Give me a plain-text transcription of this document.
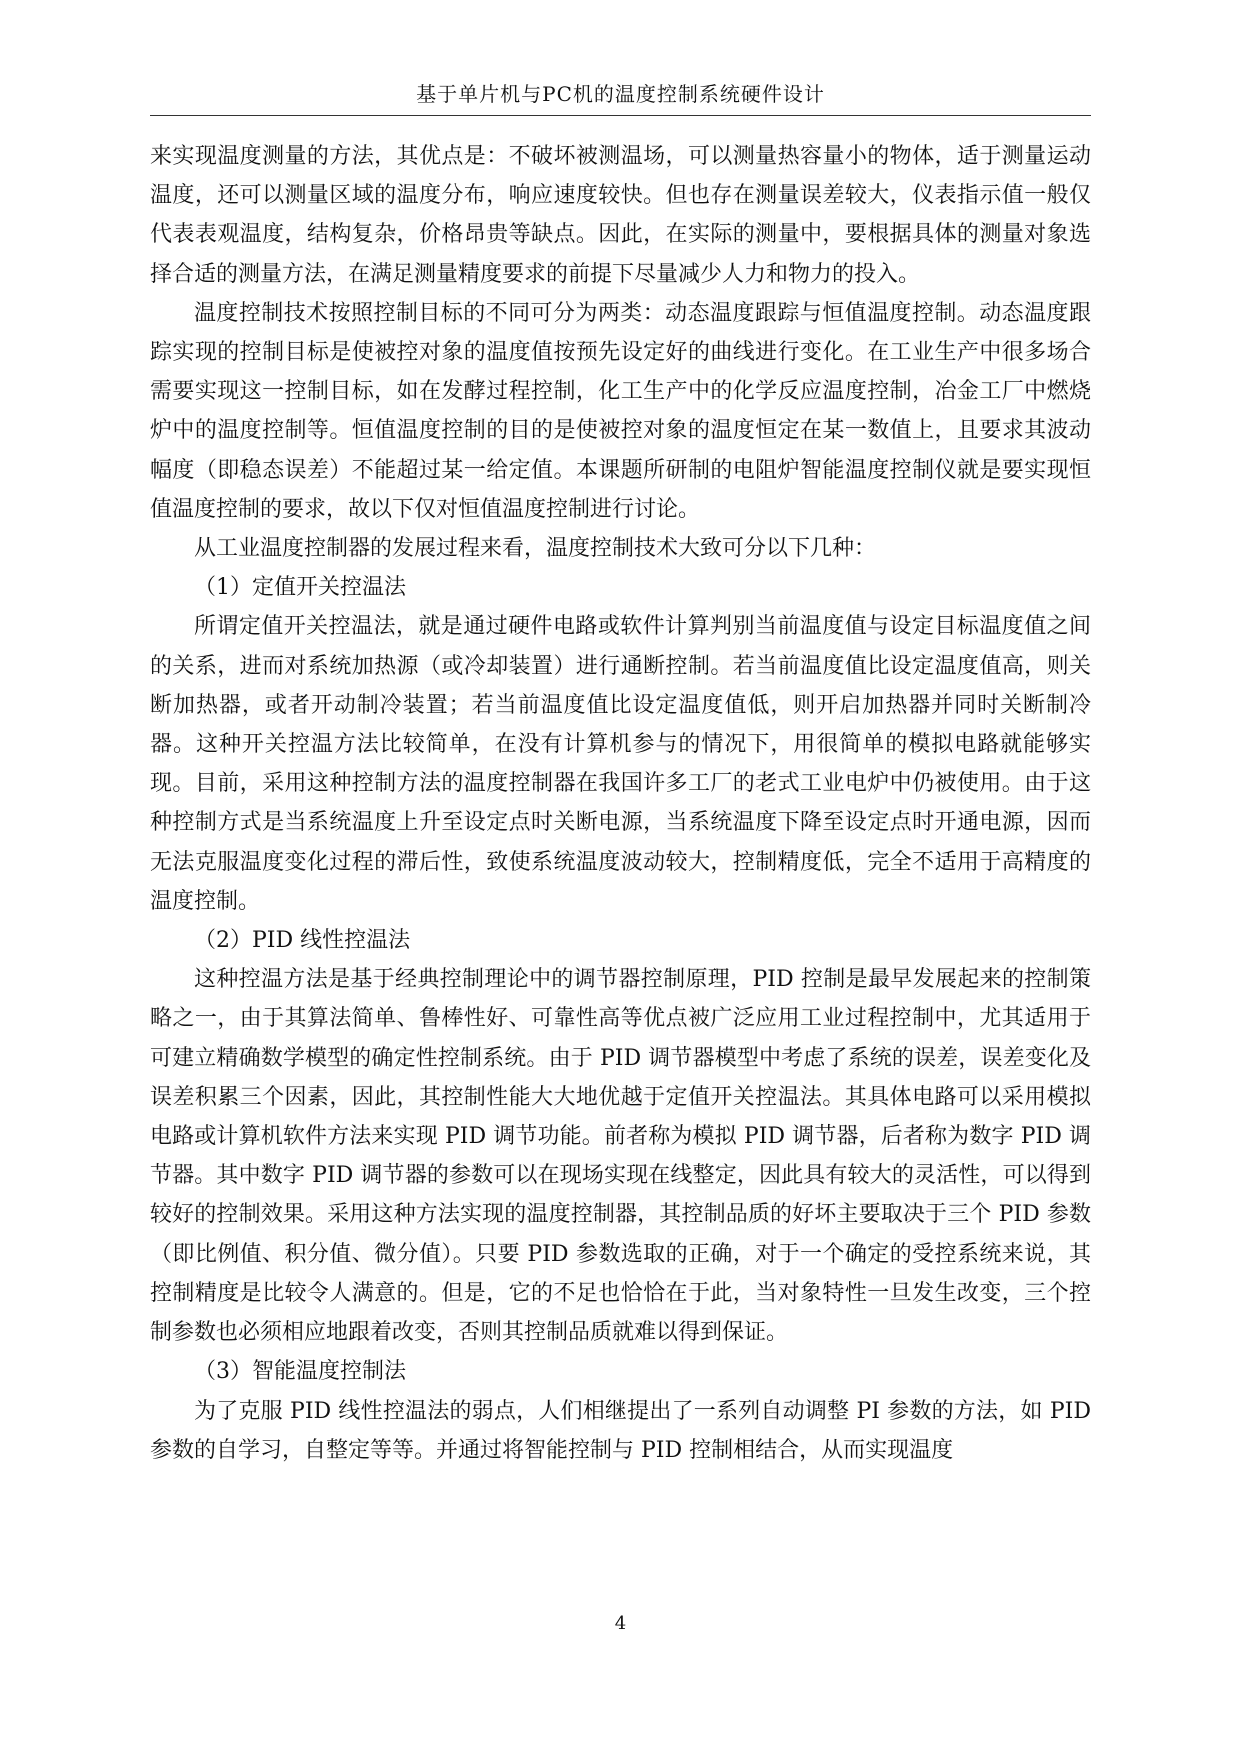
基于单片机与PC机的温度控制系统硬件设计

来实现温度测量的方法，其优点是：不破坏被测温场，可以测量热容量小的物体，适于测量运动温度，还可以测量区域的温度分布，响应速度较快。但也存在测量误差较大，仪表指示值一般仅代表表观温度，结构复杂，价格昂贵等缺点。因此，在实际的测量中，要根据具体的测量对象选择合适的测量方法，在满足测量精度要求的前提下尽量减少人力和物力的投入。

温度控制技术按照控制目标的不同可分为两类：动态温度跟踪与恒值温度控制。动态温度跟踪实现的控制目标是使被控对象的温度值按预先设定好的曲线进行变化。在工业生产中很多场合需要实现这一控制目标，如在发酵过程控制，化工生产中的化学反应温度控制，冶金工厂中燃烧炉中的温度控制等。恒值温度控制的目的是使被控对象的温度恒定在某一数值上，且要求其波动幅度（即稳态误差）不能超过某一给定值。本课题所研制的电阻炉智能温度控制仪就是要实现恒值温度控制的要求，故以下仅对恒值温度控制进行讨论。

从工业温度控制器的发展过程来看，温度控制技术大致可分以下几种：

（1）定值开关控温法

所谓定值开关控温法，就是通过硬件电路或软件计算判别当前温度值与设定目标温度值之间的关系，进而对系统加热源（或冷却装置）进行通断控制。若当前温度值比设定温度值高，则关断加热器，或者开动制冷装置；若当前温度值比设定温度值低，则开启加热器并同时关断制冷器。这种开关控温方法比较简单，在没有计算机参与的情况下，用很简单的模拟电路就能够实现。目前，采用这种控制方法的温度控制器在我国许多工厂的老式工业电炉中仍被使用。由于这种控制方式是当系统温度上升至设定点时关断电源，当系统温度下降至设定点时开通电源，因而无法克服温度变化过程的滞后性，致使系统温度波动较大，控制精度低，完全不适用于高精度的温度控制。

（2）PID 线性控温法

这种控温方法是基于经典控制理论中的调节器控制原理，PID 控制是最早发展起来的控制策略之一，由于其算法简单、鲁棒性好、可靠性高等优点被广泛应用工业过程控制中，尤其适用于可建立精确数学模型的确定性控制系统。由于 PID 调节器模型中考虑了系统的误差，误差变化及误差积累三个因素，因此，其控制性能大大地优越于定值开关控温法。其具体电路可以采用模拟电路或计算机软件方法来实现 PID 调节功能。前者称为模拟 PID 调节器，后者称为数字 PID 调节器。其中数字 PID 调节器的参数可以在现场实现在线整定，因此具有较大的灵活性，可以得到较好的控制效果。采用这种方法实现的温度控制器，其控制品质的好坏主要取决于三个 PID 参数（即比例值、积分值、微分值）。只要 PID 参数选取的正确，对于一个确定的受控系统来说，其控制精度是比较令人满意的。但是，它的不足也恰恰在于此，当对象特性一旦发生改变，三个控制参数也必须相应地跟着改变，否则其控制品质就难以得到保证。

（3）智能温度控制法

为了克服 PID 线性控温法的弱点，人们相继提出了一系列自动调整 PI 参数的方法，如 PID 参数的自学习，自整定等等。并通过将智能控制与 PID 控制相结合，从而实现温度

4
